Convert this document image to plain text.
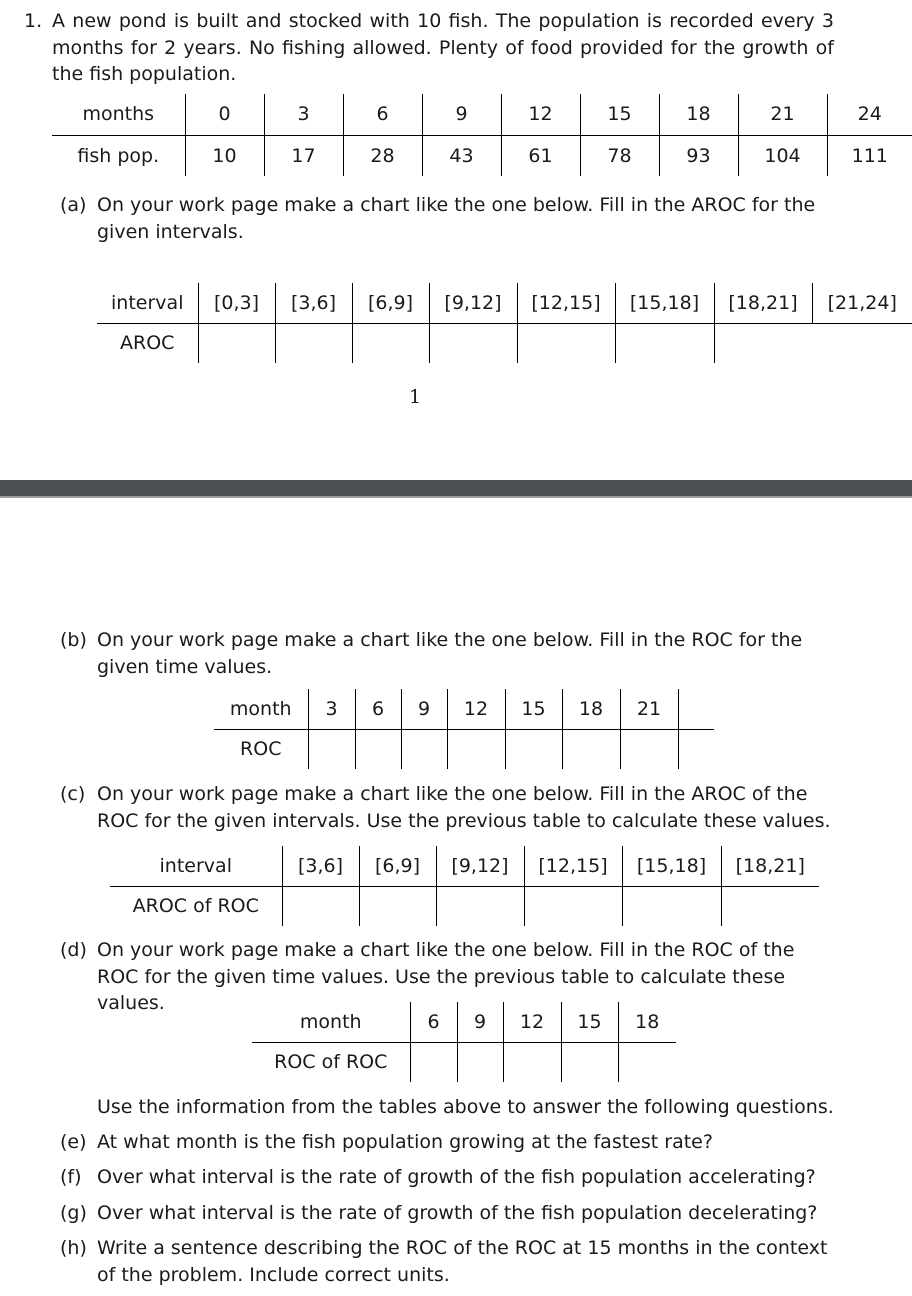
1. A new pond is built and stocked with 10 fish. The population is recorded every 3 months for 2 years. No fishing allowed. Plenty of food provided for the growth of the fish population.
months	0	3	6	9	12	15	18	21	24
fish pop.	10	17	28	43	61	78	93	104	111
(a) On your work page make a chart like the one below. Fill in the AROC for the given intervals.
interval	[0,3]	[3,6]	[6,9]	[9,12]	[12,15]	[15,18]	[18,21]	[21,24]
AROC								
1
(b) On your work page make a chart like the one below. Fill in the ROC for the given time values.
month	3	6	9	12	15	18	21	
ROC								
(c) On your work page make a chart like the one below. Fill in the AROC of the ROC for the given intervals. Use the previous table to calculate these values.
interval	[3,6]	[6,9]	[9,12]	[12,15]	[15,18]	[18,21]
AROC of ROC						
(d) On your work page make a chart like the one below. Fill in the ROC of the ROC for the given time values. Use the previous table to calculate these values.
month	6	9	12	15	18
ROC of ROC					
Use the information from the tables above to answer the following questions.
(e) At what month is the fish population growing at the fastest rate?
(f) Over what interval is the rate of growth of the fish population accelerating?
(g) Over what interval is the rate of growth of the fish population decelerating?
(h) Write a sentence describing the ROC of the ROC at 15 months in the context of the problem. Include correct units.
